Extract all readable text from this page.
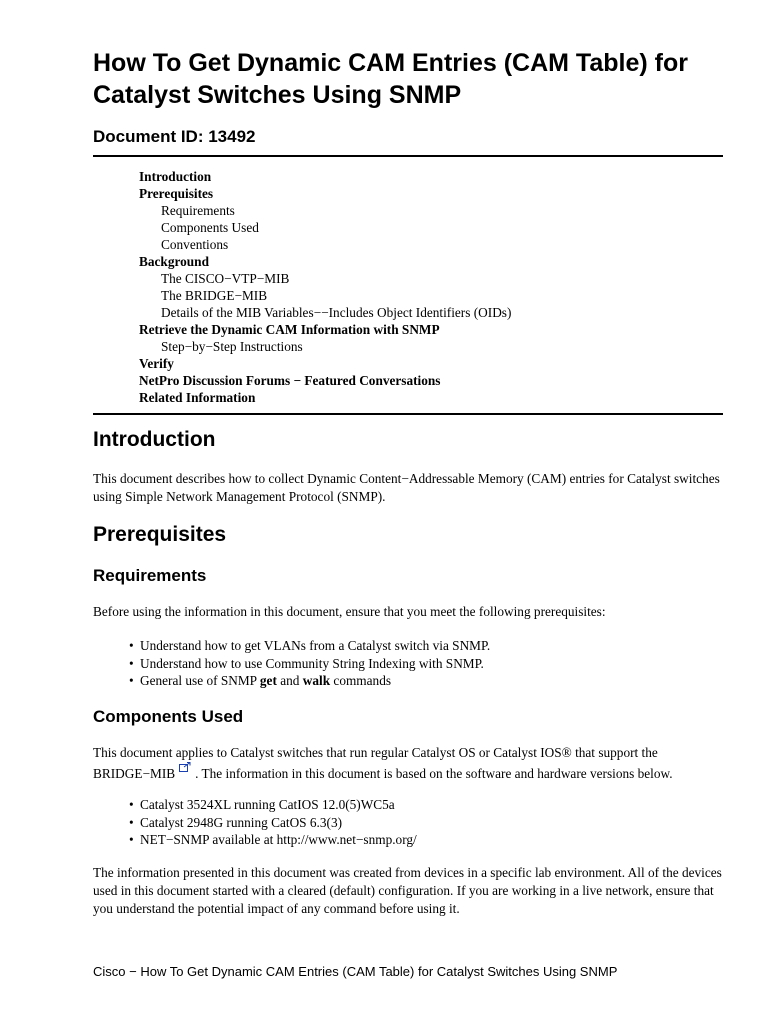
How To Get Dynamic CAM Entries (CAM Table) for Catalyst Switches Using SNMP
Document ID: 13492
Introduction
Prerequisites
Requirements
Components Used
Conventions
Background
The CISCO−VTP−MIB
The BRIDGE−MIB
Details of the MIB Variables−−Includes Object Identifiers (OIDs)
Retrieve the Dynamic CAM Information with SNMP
Step−by−Step Instructions
Verify
NetPro Discussion Forums − Featured Conversations
Related Information
Introduction

This document describes how to collect Dynamic Content−Addressable Memory (CAM) entries for Catalyst switches using Simple Network Management Protocol (SNMP).

Prerequisites
Requirements

Before using the information in this document, ensure that you meet the following prerequisites:

• Understand how to get VLANs from a Catalyst switch via SNMP.
• Understand how to use Community String Indexing with SNMP.
• General use of SNMP get and walk commands
Components Used

This document applies to Catalyst switches that run regular Catalyst OS or Catalyst IOS® that support the
BRIDGE−MIB . The information in this document is based on the software and hardware versions below.

• Catalyst 3524XL running CatIOS 12.0(5)WC5a
• Catalyst 2948G running CatOS 6.3(3)
• NET−SNMP available at http://www.net−snmp.org/

The information presented in this document was created from devices in a specific lab environment. All of the devices used in this document started with a cleared (default) configuration. If you are working in a live network, ensure that you understand the potential impact of any command before using it.

Cisco − How To Get Dynamic CAM Entries (CAM Table) for Catalyst Switches Using SNMP
